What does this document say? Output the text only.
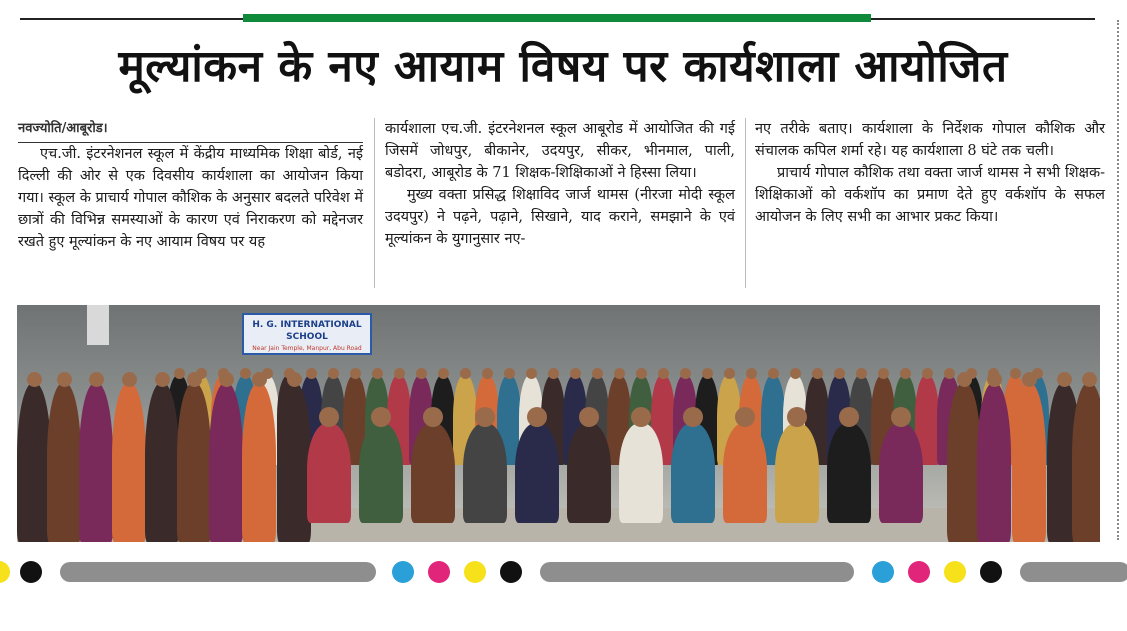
मूल्यांकन के नए आयाम विषय पर कार्यशाला आयोजित

नवज्योति/आबूरोड।

एच.जी. इंटरनेशनल स्कूल में केंद्रीय माध्यमिक शिक्षा बोर्ड, नई दिल्ली की ओर से एक दिवसीय कार्यशाला का आयोजन किया गया। स्कूल के प्राचार्य गोपाल कौशिक के अनुसार बदलते परिवेश में छात्रों की विभिन्न समस्याओं के कारण एवं निराकरण को मद्देनजर रखते हुए मूल्यांकन के नए आयाम विषय पर यह

कार्यशाला एच.जी. इंटरनेशनल स्कूल आबूरोड में आयोजित की गई जिसमें जोधपुर, बीकानेर, उदयपुर, सीकर, भीनमाल, पाली, बडोदरा, आबूरोड के 71 शिक्षक-शिक्षिकाओं ने हिस्सा लिया।

मुख्य वक्ता प्रसिद्ध शिक्षाविद जार्ज थामस (नीरजा मोदी स्कूल उदयपुर) ने पढ़ने, पढ़ाने, सिखाने, याद कराने, समझाने के एवं मूल्यांकन के युगानुसार नए-

नए तरीके बताए। कार्यशाला के निर्देशक गोपाल कौशिक और संचालक कपिल शर्मा रहे। यह कार्यशाला 8 घंटे तक चली।

प्राचार्य गोपाल कौशिक तथा वक्ता जार्ज थामस ने सभी शिक्षक-शिक्षिकाओं को वर्कशॉप का प्रमाण देते हुए वर्कशॉप के सफल आयोजन के लिए सभी का आभार प्रकट किया।

H. G. INTERNATIONAL SCHOOL
Near Jain Temple, Manpur, Abu Road
